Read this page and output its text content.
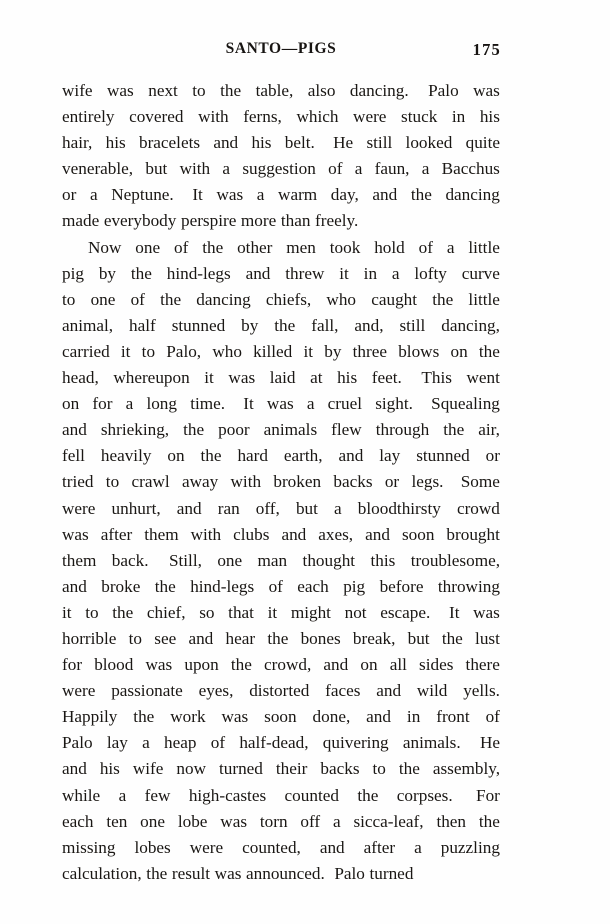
SANTO—PIGS	175
wife was next to the table, also dancing. Palo was
entirely covered with ferns, which were stuck in his
hair, his bracelets and his belt. He still looked quite
venerable, but with a suggestion of a faun, a Bacchus
or a Neptune. It was a warm day, and the dancing
made everybody perspire more than freely.
Now one of the other men took hold of a little
pig by the hind-legs and threw it in a lofty curve
to one of the dancing chiefs, who caught the little
animal, half stunned by the fall, and, still dancing,
carried it to Palo, who killed it by three blows on the
head, whereupon it was laid at his feet. This went
on for a long time. It was a cruel sight. Squealing
and shrieking, the poor animals flew through the air,
fell heavily on the hard earth, and lay stunned or
tried to crawl away with broken backs or legs. Some
were unhurt, and ran off, but a bloodthirsty crowd
was after them with clubs and axes, and soon brought
them back. Still, one man thought this troublesome,
and broke the hind-legs of each pig before throwing
it to the chief, so that it might not escape. It was
horrible to see and hear the bones break, but the lust
for blood was upon the crowd, and on all sides there
were passionate eyes, distorted faces and wild yells.
Happily the work was soon done, and in front of
Palo lay a heap of half-dead, quivering animals. He
and his wife now turned their backs to the assembly,
while a few high-castes counted the corpses. For
each ten one lobe was torn off a sicca-leaf, then the
missing lobes were counted, and after a puzzling
calculation, the result was announced. Palo turned
